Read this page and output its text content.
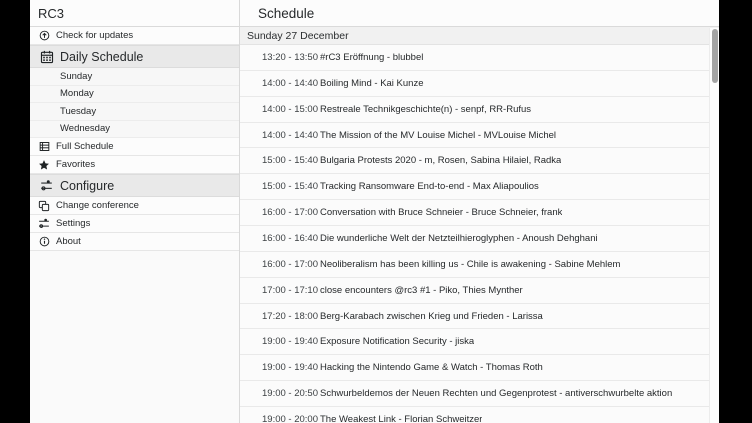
RC3
Check for updates
Daily Schedule
Sunday
Monday
Tuesday
Wednesday
Full Schedule
Favorites
Configure
Change conference
Settings
About
Schedule
Sunday 27 December
13:20 - 13:50 #rC3 Eröffnung - blubbel
14:00 - 14:40 Boiling Mind - Kai Kunze
14:00 - 15:00 Restreale Technikgeschichte(n) - senpf, RR-Rufus
14:00 - 14:40 The Mission of the MV Louise Michel - MVLouise Michel
15:00 - 15:40 Bulgaria Protests 2020 - m, Rosen, Sabina Hilaiel, Radka
15:00 - 15:40 Tracking Ransomware End-to-end - Max Aliapoulios
16:00 - 17:00 Conversation with Bruce Schneier - Bruce Schneier, frank
16:00 - 16:40 Die wunderliche Welt der Netzteilhieroglyphen - Anoush Dehghani
16:00 - 17:00 Neoliberalism has been killing us - Chile is awakening - Sabine Mehlem
17:00 - 17:10 close encounters @rc3 #1 - Piko, Thies Mynther
17:20 - 18:00 Berg-Karabach zwischen Krieg und Frieden - Larissa
19:00 - 19:40 Exposure Notification Security - jiska
19:00 - 19:40 Hacking the Nintendo Game & Watch - Thomas Roth
19:00 - 20:50 Schwurbeldemos der Neuen Rechten und Gegenprotest - antiverschwurbelte aktion
19:00 - 20:00 The Weakest Link - Florian Schweitzer
